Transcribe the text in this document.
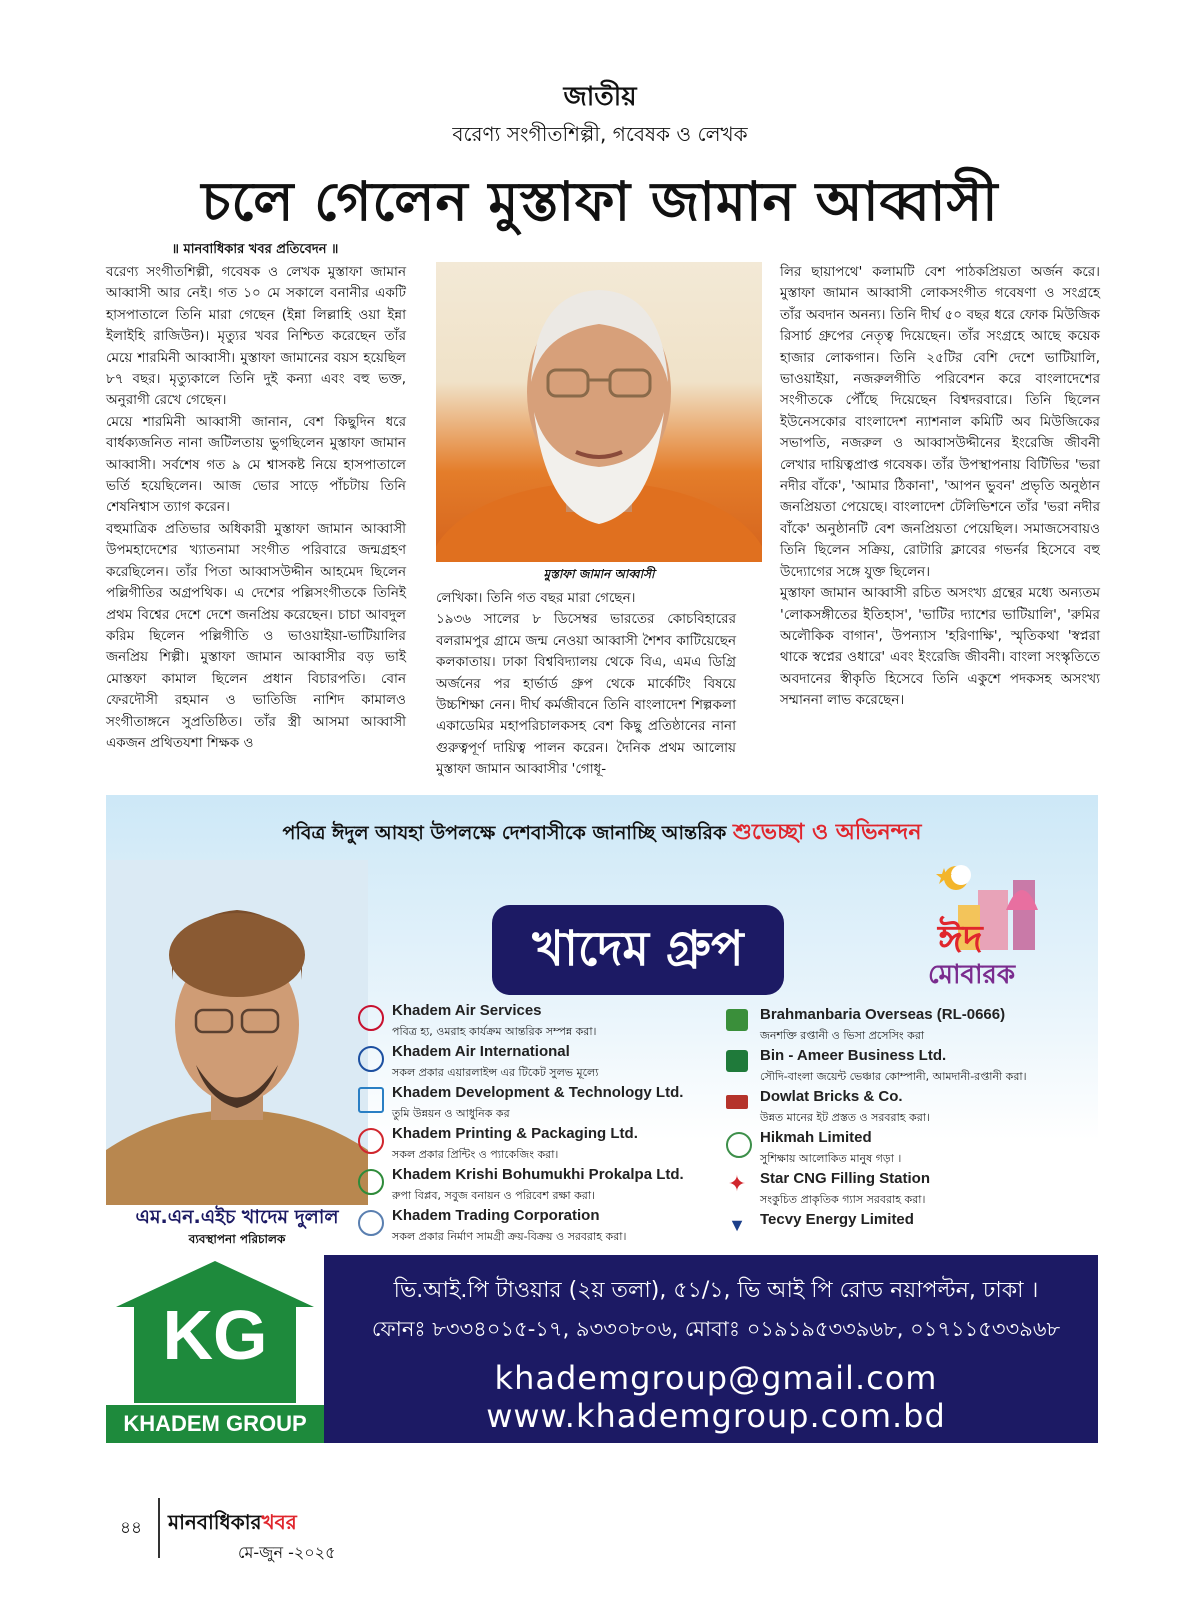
জাতীয়
বরেণ্য সংগীতশিল্পী, গবেষক ও লেখক
চলে গেলেন মুস্তাফা জামান আব্বাসী
॥ মানবাধিকার খবর প্রতিবেদন ॥

বরেণ্য সংগীতশিল্পী, গবেষক ও লেখক মুস্তাফা জামান আব্বাসী আর নেই। গত ১০ মে সকালে বনানীর একটি হাসপাতালে তিনি মারা গেছেন (ইন্না লিল্লাহি ওয়া ইন্না ইলাইহি রাজিউন)। মৃত্যুর খবর নিশ্চিত করেছেন তাঁর মেয়ে শারমিনী আব্বাসী। মুস্তাফা জামানের বয়স হয়েছিল ৮৭ বছর। মৃত্যুকালে তিনি দুই কন্যা এবং বহু ভক্ত, অনুরাগী রেখে গেছেন।

মেয়ে শারমিনী আব্বাসী জানান, বেশ কিছুদিন ধরে বার্ধক্যজনিত নানা জটিলতায় ভুগছিলেন মুস্তাফা জামান আব্বাসী। সর্বশেষ গত ৯ মে শ্বাসকষ্ট নিয়ে হাসপাতালে ভর্তি হয়েছিলেন। আজ ভোর সাড়ে পাঁচটায় তিনি শেষনিশ্বাস ত্যাগ করেন।

বহুমাত্রিক প্রতিভার অধিকারী মুস্তাফা জামান আব্বাসী উপমহাদেশের খ্যাতনামা সংগীত পরিবারে জন্মগ্রহণ করেছিলেন। তাঁর পিতা আব্বাসউদ্দীন আহমেদ ছিলেন পল্লিগীতির অগ্রপথিক। এ দেশের পল্লিসংগীতকে তিনিই প্রথম বিশ্বের দেশে দেশে জনপ্রিয় করেছেন। চাচা আবদুল করিম ছিলেন পল্লিগীতি ও ভাওয়াইয়া-ভাটিয়ালির জনপ্রিয় শিল্পী। মুস্তাফা জামান আব্বাসীর বড় ভাই মোস্তফা কামাল ছিলেন প্রধান বিচারপতি। বোন ফেরদৌসী রহমান ও ভাতিজি নাশিদ কামালও সংগীতাঙ্গনে সুপ্রতিষ্ঠিত। তাঁর স্ত্রী আসমা আব্বাসী একজন প্রথিতযশা শিক্ষক ও

মুস্তাফা জামান আব্বাসী

লেখিকা। তিনি গত বছর মারা গেছেন।

১৯৩৬ সালের ৮ ডিসেম্বর ভারতের কোচবিহারের বলরামপুর গ্রামে জন্ম নেওয়া আব্বাসী শৈশব কাটিয়েছেন কলকাতায়। ঢাকা বিশ্ববিদ্যালয় থেকে বিএ, এমএ ডিগ্রি অর্জনের পর হার্ভার্ড গ্রুপ থেকে মার্কেটিং বিষয়ে উচ্চশিক্ষা নেন। দীর্ঘ কর্মজীবনে তিনি বাংলাদেশ শিল্পকলা একাডেমির মহাপরিচালকসহ বেশ কিছু প্রতিষ্ঠানের নানা গুরুত্বপূর্ণ দায়িত্ব পালন করেন। দৈনিক প্রথম আলোয় মুস্তাফা জামান আব্বাসীর 'গোধূ-

লির ছায়াপথে' কলামটি বেশ পাঠকপ্রিয়তা অর্জন করে। মুস্তাফা জামান আব্বাসী লোকসংগীত গবেষণা ও সংগ্রহে তাঁর অবদান অনন্য। তিনি দীর্ঘ ৫০ বছর ধরে ফোক মিউজিক রিসার্চ গ্রুপের নেতৃত্ব দিয়েছেন। তাঁর সংগ্রহে আছে কয়েক হাজার লোকগান। তিনি ২৫টির বেশি দেশে ভাটিয়ালি, ভাওয়াইয়া, নজরুলগীতি পরিবেশন করে বাংলাদেশের সংগীতকে পৌঁছে দিয়েছেন বিশ্বদরবারে। তিনি ছিলেন ইউনেসকোর বাংলাদেশ ন্যাশনাল কমিটি অব মিউজিকের সভাপতি, নজরুল ও আব্বাসউদ্দীনের ইংরেজি জীবনী লেখার দায়িত্বপ্রাপ্ত গবেষক। তাঁর উপস্থাপনায় বিটিভির 'ভরা নদীর বাঁকে', 'আমার ঠিকানা', 'আপন ভুবন' প্রভৃতি অনুষ্ঠান জনপ্রিয়তা পেয়েছে। বাংলাদেশ টেলিভিশনে তাঁর 'ভরা নদীর বাঁকে' অনুষ্ঠানটি বেশ জনপ্রিয়তা পেয়েছিল। সমাজসেবায়ও তিনি ছিলেন সক্রিয়, রোটারি ক্লাবের গভর্নর হিসেবে বহু উদ্যোগের সঙ্গে যুক্ত ছিলেন।

মুস্তাফা জামান আব্বাসী রচিত অসংখ্য গ্রন্থের মধ্যে অন্যতম 'লোকসঙ্গীতের ইতিহাস', 'ভাটির দ্যাশের ভাটিয়ালি', 'রুমির অলৌকিক বাগান', উপন্যাস 'হরিণাক্ষি', স্মৃতিকথা 'স্বপ্নরা থাকে স্বপ্নের ওধারে' এবং ইংরেজি জীবনী। বাংলা সংস্কৃতিতে অবদানের স্বীকৃতি হিসেবে তিনি একুশে পদকসহ অসংখ্য সম্মাননা লাভ করেছেন।

পবিত্র ঈদুল আযহা উপলক্ষে দেশবাসীকে জানাচ্ছি আন্তরিক শুভেচ্ছা ও অভিনন্দন
এম.এন.এইচ খাদেম দুলাল
ব্যবস্থাপনা পরিচালক
খাদেম গ্রুপ	ঈদ
মোবারক
Khadem Air Services
পবিত্র হ্য, ওমরাহ কার্যক্রম আন্তরিক সম্পন্ন করা।
Khadem Air International
সকল প্রকার এয়ারলাইন্স এর টিকেট সুলভ মূল্যে
Khadem Development & Technology Ltd.
তুমি উন্নয়ন ও আধুনিক কর
Khadem Printing & Packaging Ltd.
সকল প্রকার প্রিন্টিং ও প্যাকেজিং করা।
Khadem Krishi Bohumukhi Prokalpa Ltd.
রুপা বিপ্লব, সবুজ বনায়ন ও পরিবেশ রক্ষা করা।
Khadem Trading Corporation
সকল প্রকার নির্মাণ সামগ্রী ক্রয়-বিক্রয় ও সরবরাহ করা।
Brahmanbaria Overseas (RL-0666)
জনশক্তি রপ্তানী ও ভিসা প্রসেসিং করা
Bin - Ameer Business Ltd.
সৌদি-বাংলা জয়েন্ট ভেঞ্চার কোম্পানী, আমদানী-রপ্তানী করা।
Dowlat Bricks & Co.
উন্নত মানের ইট প্রস্তত ও সরবরাহ করা।
Hikmah Limited
সুশিক্ষায় আলোকিত মানুষ গড়া ।
✦ Star CNG Filling Station
সংকুচিত প্রাকৃতিক গ্যাস সরবরাহ করা।
▼ Tecvy Energy Limited
KG
KHADEM GROUP
ভি.আই.পি টাওয়ার (২য় তলা), ৫১/১, ভি আই পি রোড নয়াপল্টন, ঢাকা ।
ফোনঃ ৮৩৩৪০১৫-১৭, ৯৩৩০৮০৬, মোবাঃ ০১৯১৯৫৩৩৯৬৮, ০১৭১১৫৩৩৯৬৮
khademgroup@gmail.com
www.khademgroup.com.bd
৪৪ মানবাধিকারখবর
মে-জুন -২০২৫
